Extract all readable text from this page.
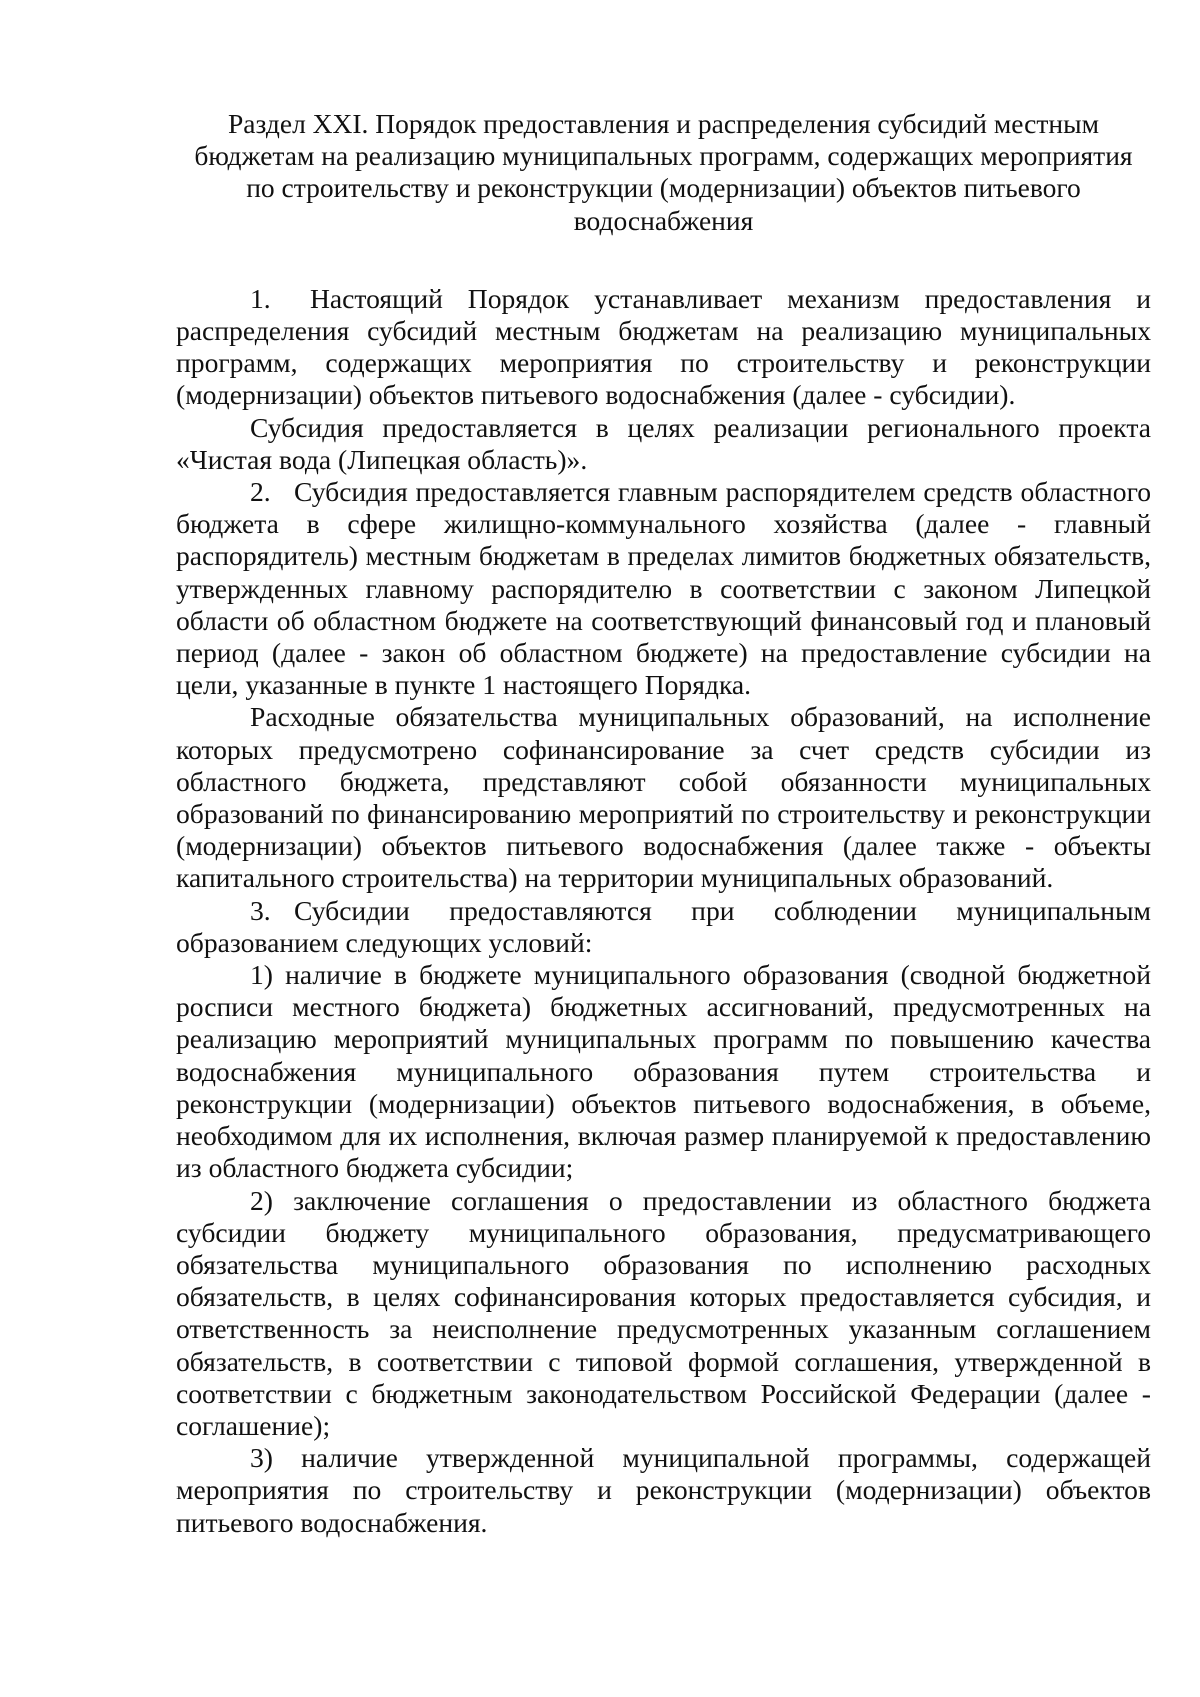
Раздел XXI. Порядок предоставления и распределения субсидий местным
бюджетам на реализацию муниципальных программ, содержащих мероприятия
по строительству и реконструкции (модернизации) объектов питьевого
водоснабжения

1. Настоящий Порядок устанавливает механизм предоставления и распределения субсидий местным бюджетам на реализацию муниципальных программ, содержащих мероприятия по строительству и реконструкции (модернизации) объектов питьевого водоснабжения (далее - субсидии).

Субсидия предоставляется в целях реализации регионального проекта «Чистая вода (Липецкая область)».

2. Субсидия предоставляется главным распорядителем средств областного бюджета в сфере жилищно-коммунального хозяйства (далее - главный распорядитель) местным бюджетам в пределах лимитов бюджетных обязательств, утвержденных главному распорядителю в соответствии с законом Липецкой области об областном бюджете на соответствующий финансовый год и плановый период (далее - закон об областном бюджете) на предоставление субсидии на цели, указанные в пункте 1 настоящего Порядка.

Расходные обязательства муниципальных образований, на исполнение которых предусмотрено софинансирование за счет средств субсидии из областного бюджета, представляют собой обязанности муниципальных образований по финансированию мероприятий по строительству и реконструкции (модернизации) объектов питьевого водоснабжения (далее также - объекты капитального строительства) на территории муниципальных образований.

3. Субсидии предоставляются при соблюдении муниципальным образованием следующих условий:

1) наличие в бюджете муниципального образования (сводной бюджетной росписи местного бюджета) бюджетных ассигнований, предусмотренных на реализацию мероприятий муниципальных программ по повышению качества водоснабжения муниципального образования путем строительства и реконструкции (модернизации) объектов питьевого водоснабжения, в объеме, необходимом для их исполнения, включая размер планируемой к предоставлению из областного бюджета субсидии;

2) заключение соглашения о предоставлении из областного бюджета субсидии бюджету муниципального образования, предусматривающего обязательства муниципального образования по исполнению расходных обязательств, в целях софинансирования которых предоставляется субсидия, и ответственность за неисполнение предусмотренных указанным соглашением обязательств, в соответствии с типовой формой соглашения, утвержденной в соответствии с бюджетным законодательством Российской Федерации (далее - соглашение);

3) наличие утвержденной муниципальной программы, содержащей мероприятия по строительству и реконструкции (модернизации) объектов питьевого водоснабжения.
